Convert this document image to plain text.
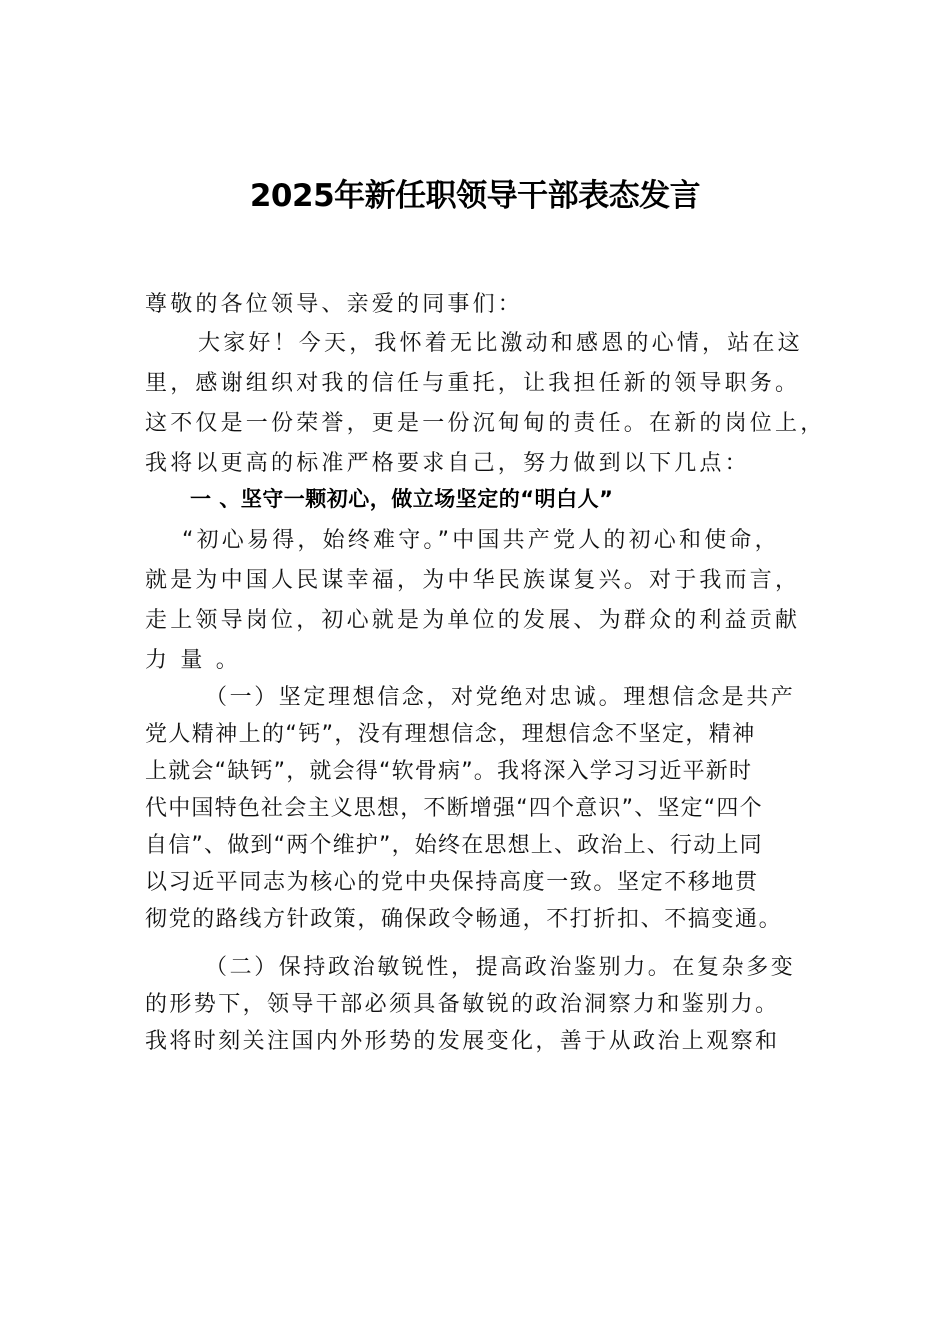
2025年新任职领导干部表态发言
尊敬的各位领导、亲爱的同事们：
大家好！今天，我怀着无比激动和感恩的心情，站在这
里，感谢组织对我的信任与重托，让我担任新的领导职务。
这不仅是一份荣誉，更是一份沉甸甸的责任。在新的岗位上，
我将以更高的标准严格要求自己，努力做到以下几点：
一 、坚守一颗初心，做立场坚定的“明白人”
“初心易得，始终难守。”中国共产党人的初心和使命，
就是为中国人民谋幸福，为中华民族谋复兴。对于我而言，
走上领导岗位，初心就是为单位的发展、为群众的利益贡献
力 量 。
（一）坚定理想信念，对党绝对忠诚。理想信念是共产
党人精神上的“钙”，没有理想信念，理想信念不坚定，精神
上就会“缺钙”，就会得“软骨病”。我将深入学习习近平新时
代中国特色社会主义思想，不断增强“四个意识”、坚定“四个
自信”、做到“两个维护”，始终在思想上、政治上、行动上同
以习近平同志为核心的党中央保持高度一致。坚定不移地贯
彻党的路线方针政策，确保政令畅通，不打折扣、不搞变通。
（二）保持政治敏锐性，提高政治鉴别力。在复杂多变
的形势下，领导干部必须具备敏锐的政治洞察力和鉴别力。
我将时刻关注国内外形势的发展变化，善于从政治上观察和
